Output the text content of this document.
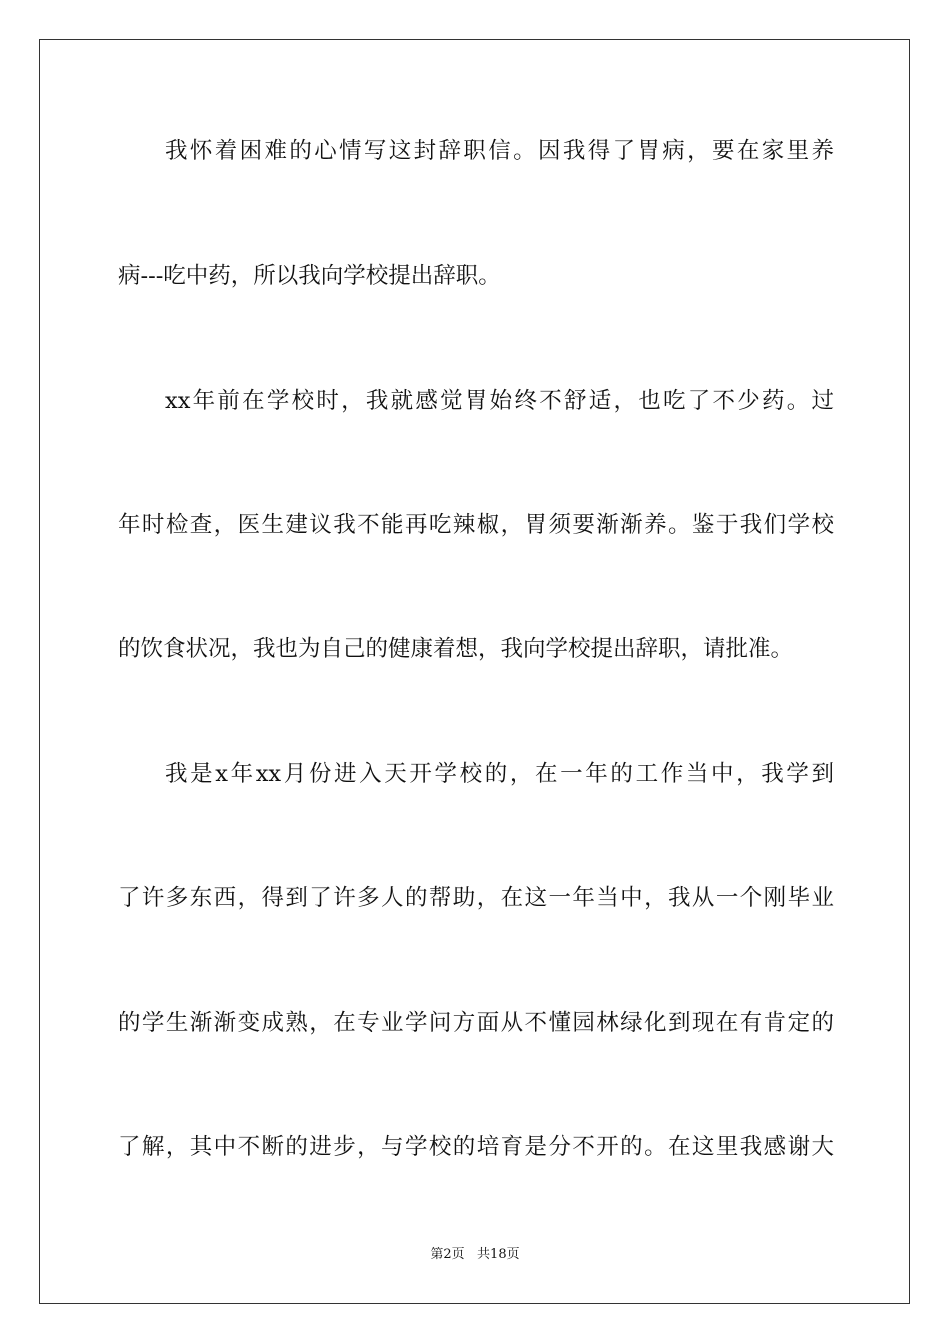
我怀着困难的心情写这封辞职信。因我得了胃病，要在家里养
病---吃中药，所以我向学校提出辞职。
xx年前在学校时，我就感觉胃始终不舒适，也吃了不少药。过
年时检查，医生建议我不能再吃辣椒，胃须要渐渐养。鉴于我们学校
的饮食状况，我也为自己的健康着想，我向学校提出辞职，请批准。
我是x年xx月份进入天开学校的，在一年的工作当中，我学到
了许多东西，得到了许多人的帮助，在这一年当中，我从一个刚毕业
的学生渐渐变成熟，在专业学问方面从不懂园林绿化到现在有肯定的
了解，其中不断的进步，与学校的培育是分不开的。在这里我感谢大
第2页   共18页
